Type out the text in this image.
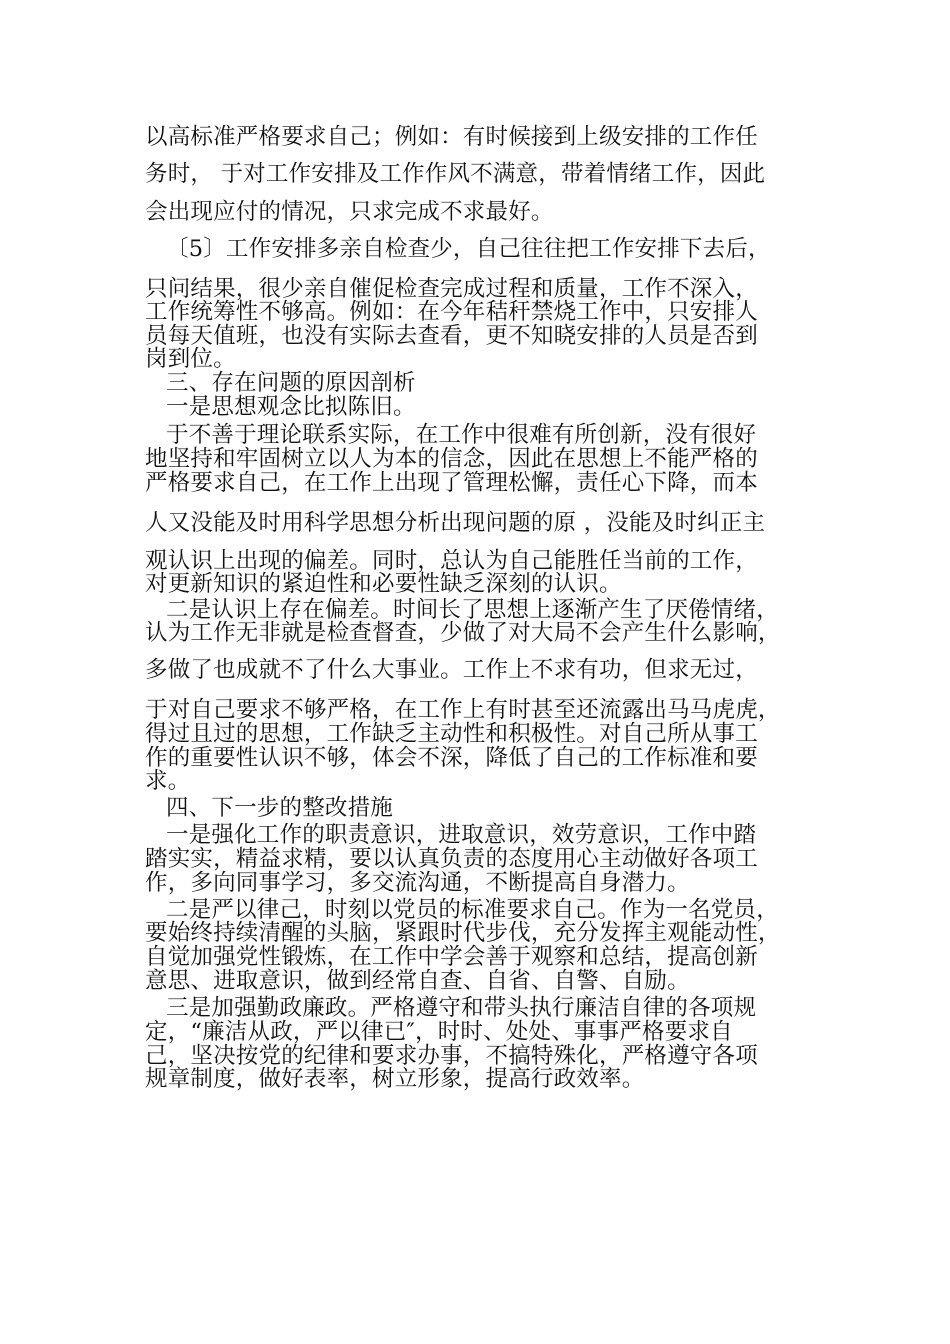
以高标准严格要求自己；例如：有时候接到上级安排的工作任
务时， 于对工作安排及工作作风不满意，带着情绪工作，因此
会出现应付的情况，只求完成不求最好。
〔5〕工作安排多亲自检查少，自己往往把工作安排下去后，
只问结果，很少亲自催促检查完成过程和质量，工作不深入，
工作统筹性不够高。例如：在今年秸秆禁烧工作中，只安排人
员每天值班，也没有实际去查看，更不知晓安排的人员是否到
岗到位。
三、存在问题的原因剖析
一是思想观念比拟陈旧。
于不善于理论联系实际，在工作中很难有所创新，没有很好
地坚持和牢固树立以人为本的信念，因此在思想上不能严格的
严格要求自己，在工作上出现了管理松懈，责任心下降，而本
人又没能及时用科学思想分析出现问题的原 ，没能及时纠正主
观认识上出现的偏差。同时，总认为自己能胜任当前的工作，
对更新知识的紧迫性和必要性缺乏深刻的认识。
二是认识上存在偏差。时间长了思想上逐渐产生了厌倦情绪，
认为工作无非就是检查督查，少做了对大局不会产生什么影响，
多做了也成就不了什么大事业。工作上不求有功，但求无过，
于对自己要求不够严格，在工作上有时甚至还流露出马马虎虎，
得过且过的思想，工作缺乏主动性和积极性。对自己所从事工
作的重要性认识不够，体会不深，降低了自己的工作标准和要
求。
四、下一步的整改措施
一是强化工作的职责意识，进取意识，效劳意识，工作中踏
踏实实，精益求精，要以认真负责的态度用心主动做好各项工
作，多向同事学习，多交流沟通，不断提高自身潜力。
二是严以律己，时刻以党员的标准要求自己。作为一名党员，
要始终持续清醒的头脑，紧跟时代步伐，充分发挥主观能动性，
自觉加强党性锻炼，在工作中学会善于观察和总结，提高创新
意思、进取意识，做到经常自查、自省、自警、自励。
三是加强勤政廉政。严格遵守和带头执行廉洁自律的各项规
定，“廉洁从政，严以律已″，时时、处处、事事严格要求自
己，坚决按党的纪律和要求办事，不搞特殊化，严格遵守各项
规章制度，做好表率，树立形象，提高行政效率。
